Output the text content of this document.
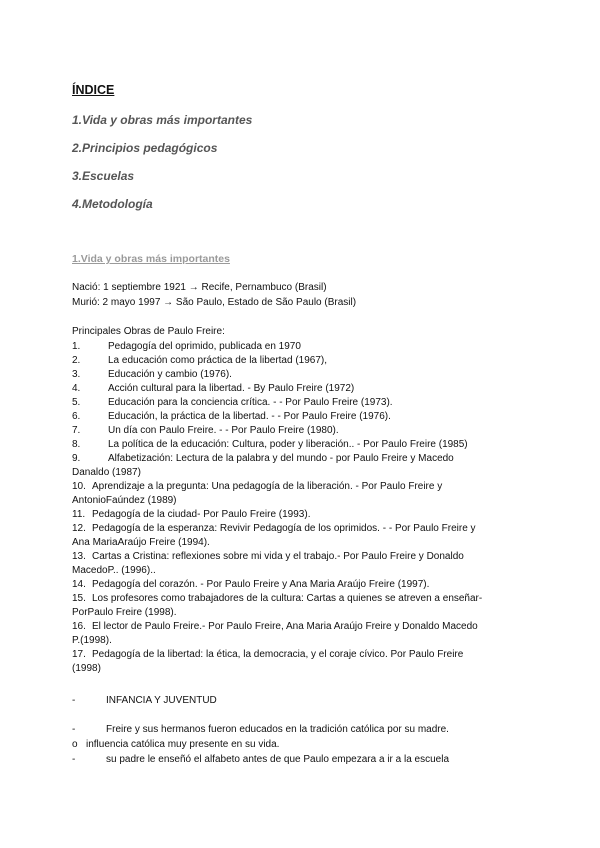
ÍNDICE

1.Vida y obras más importantes

2.Principios pedagógicos

3.Escuelas

4.Metodología

1.Vida y obras más importantes
Nació: 1 septiembre 1921 → Recife, Pernambuco (Brasil)
Murió: 2 mayo 1997 → São Paulo, Estado de São Paulo (Brasil)
Principales Obras de Paulo Freire:
1.	Pedagogía del oprimido, publicada en 1970
2.	La educación como práctica de la libertad (1967),
3.	Educación y cambio (1976).
4.	Acción cultural para la libertad. - By Paulo Freire (1972)
5.	Educación para la conciencia crítica. - - Por Paulo Freire (1973).
6.	Educación, la práctica de la libertad. - - Por Paulo Freire (1976).
7.	Un día con Paulo Freire. - - Por Paulo Freire (1980).
8.	La política de la educación: Cultura, poder y liberación.. - Por Paulo Freire (1985)
9.	Alfabetización: Lectura de la palabra y del mundo - por Paulo Freire y Macedo
Danaldo (1987)
10. Aprendizaje a la pregunta: Una pedagogía de la liberación. - Por Paulo Freire y
AntonioFaúndez (1989)
11. Pedagogía de la ciudad- Por Paulo Freire (1993).
12. Pedagogía de la esperanza: Revivir Pedagogía de los oprimidos. - - Por Paulo Freire y
Ana MariaAraújo Freire (1994).
13. Cartas a Cristina: reflexiones sobre mi vida y el trabajo.- Por Paulo Freire y Donaldo
MacedoP.. (1996)..
14. Pedagogía del corazón. - Por Paulo Freire y Ana Maria Araújo Freire (1997).
15. Los profesores como trabajadores de la cultura: Cartas a quienes se atreven a enseñar-
PorPaulo Freire (1998).
16. El lector de Paulo Freire.- Por Paulo Freire, Ana Maria Araújo Freire y Donaldo Macedo
P.(1998).
17. Pedagogía de la libertad: la ética, la democracia, y el coraje cívico. Por Paulo Freire
(1998)
-	INFANCIA Y JUVENTUD
-	Freire y sus hermanos fueron educados en la tradición católica por su madre.
o influencia católica muy presente en su vida.
-	su padre le enseñó el alfabeto antes de que Paulo empezara a ir a la escuela
